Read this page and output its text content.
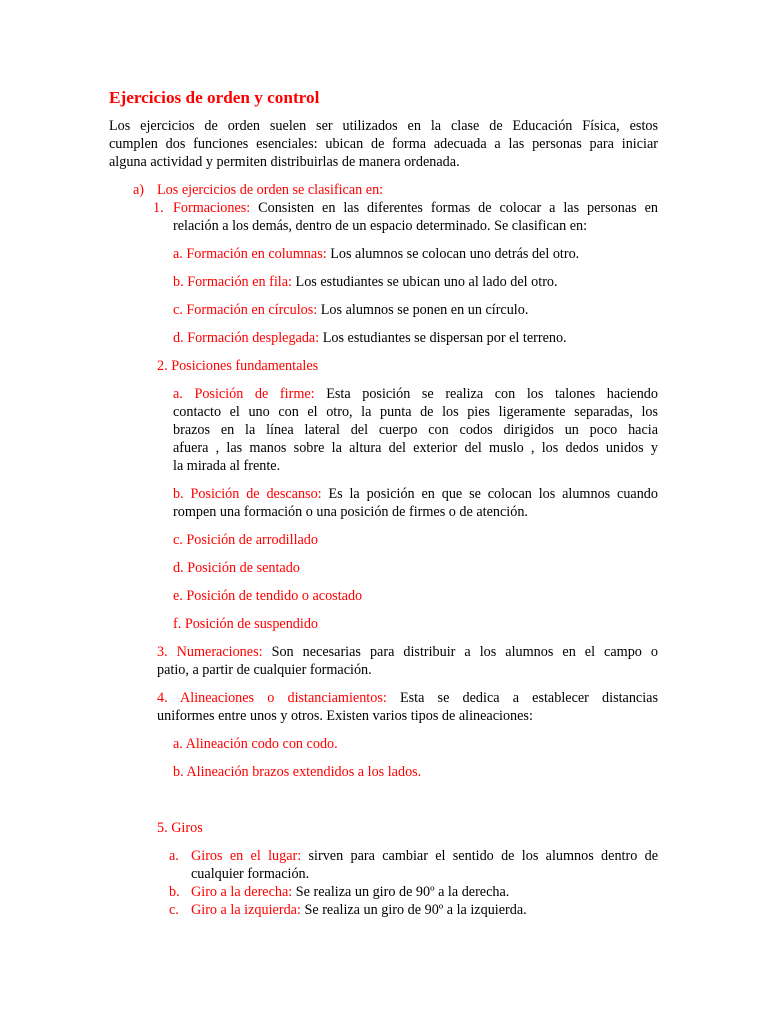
Ejercicios de orden y control
Los ejercicios de orden suelen ser utilizados en la clase de Educación Física, estos
cumplen dos funciones esenciales: ubican de forma adecuada a las personas para iniciar
alguna actividad y permiten distribuirlas de manera ordenada.
a) Los ejercicios de orden se clasifican en:
1. Formaciones: Consisten en las diferentes formas de colocar a las personas en
relación a los demás, dentro de un espacio determinado. Se clasifican en:
a. Formación en columnas: Los alumnos se colocan uno detrás del otro.
b. Formación en fila: Los estudiantes se ubican uno al lado del otro.
c. Formación en círculos: Los alumnos se ponen en un círculo.
d. Formación desplegada: Los estudiantes se dispersan por el terreno.
2. Posiciones fundamentales
a. Posición de firme: Esta posición se realiza con los talones haciendo
contacto el uno con el otro, la punta de los pies ligeramente separadas, los
brazos en la línea lateral del cuerpo con codos dirigidos un poco hacia
afuera , las manos sobre la altura del exterior del muslo , los dedos unidos y
la mirada al frente.
b. Posición de descanso: Es la posición en que se colocan los alumnos cuando
rompen una formación o una posición de firmes o de atención.
c. Posición de arrodillado
d. Posición de sentado
e. Posición de tendido o acostado
f. Posición de suspendido
3. Numeraciones: Son necesarias para distribuir a los alumnos en el campo o
patio, a partir de cualquier formación.
4. Alineaciones o distanciamientos: Esta se dedica a establecer distancias
uniformes entre unos y otros. Existen varios tipos de alineaciones:
a. Alineación codo con codo.
b. Alineación brazos extendidos a los lados.
5. Giros
a. Giros en el lugar: sirven para cambiar el sentido de los alumnos dentro de
cualquier formación.
b. Giro a la derecha: Se realiza un giro de 90º a la derecha.
c. Giro a la izquierda: Se realiza un giro de 90º a la izquierda.
